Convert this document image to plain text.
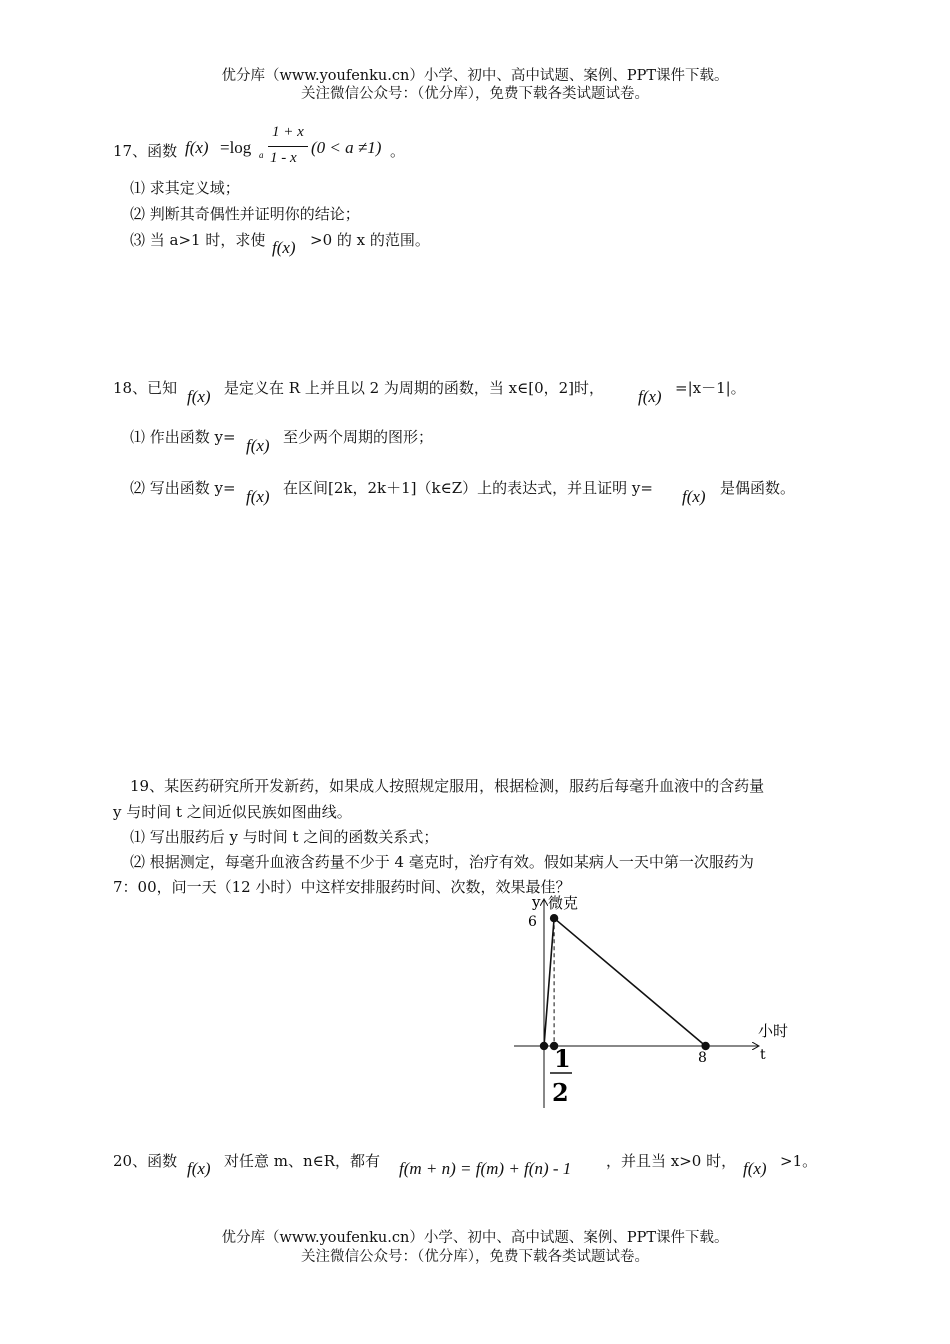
优分库（www.youfenku.cn）小学、初中、高中试题、案例、PPT课件下载。
关注微信公众号：（优分库），免费下载各类试题试卷。
17、函数 f(x) =log a
1 + x
1 - x
(0 < a ≠1) 。
⑴ 求其定义域；
⑵ 判断其奇偶性并证明你的结论；
⑶ 当 a>1 时，求使 f(x) >0 的 x 的范围。
18、已知 f(x) 是定义在 R 上并且以 2 为周期的函数，当 x∈[0，2]时， f(x) =|x－1|。
⑴ 作出函数 y= f(x) 至少两个周期的图形；
⑵ 写出函数 y= f(x) 在区间[2k，2k＋1]（k∈Z）上的表达式，并且证明 y= f(x) 是偶函数。
19、某医药研究所开发新药，如果成人按照规定服用，根据检测，服药后每毫升血液中的含药量
y 与时间 t 之间近似民族如图曲线。
⑴ 写出服药后 y 与时间 t 之间的函数关系式；
⑵ 根据测定，每毫升血液含药量不少于 4 毫克时，治疗有效。假如某病人一天中第一次服药为
7：00，问一天（12 小时）中这样安排服药时间、次数，效果最佳？
y 微克
6
8
小时
t
1
2
20、函数 f(x) 对任意 m、n∈R，都有 f(m + n) = f(m) + f(n) - 1 ，并且当 x>0 时， f(x) >1。
优分库（www.youfenku.cn）小学、初中、高中试题、案例、PPT课件下载。
关注微信公众号：（优分库），免费下载各类试题试卷。
